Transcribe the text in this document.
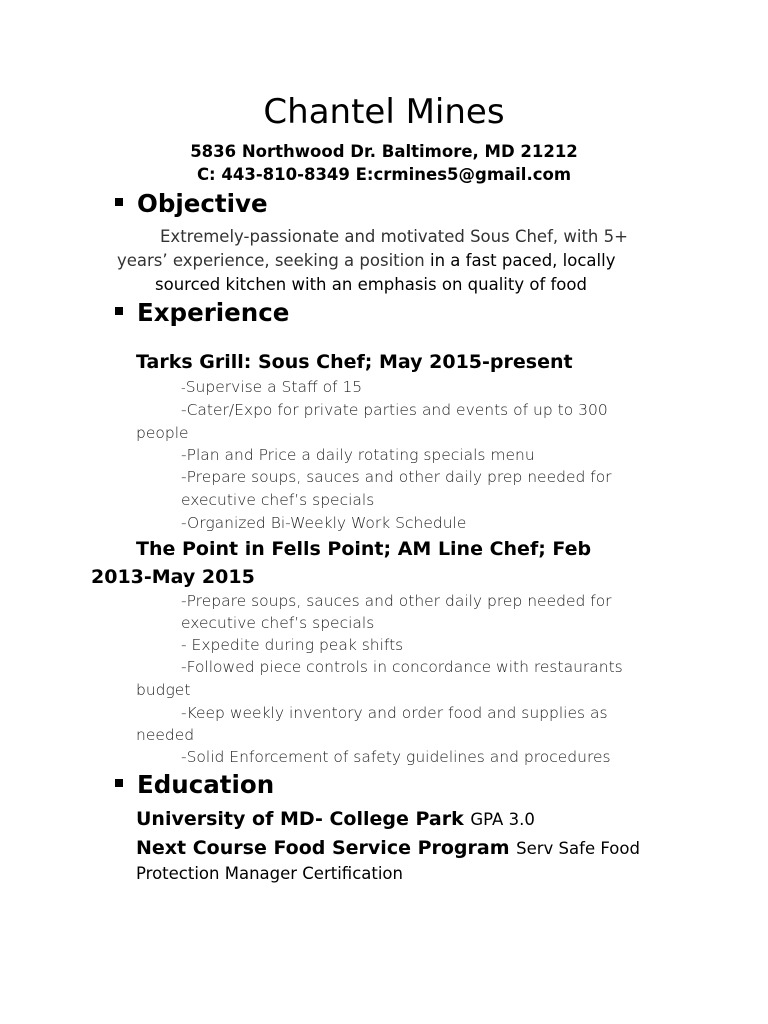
Chantel Mines
5836 Northwood Dr. Baltimore, MD 21212
C: 443-810-8349 E:crmines5@gmail.com
Objective
Extremely-passionate and motivated Sous Chef, with 5+
years’ experience, seeking a position in a fast paced, locally
sourced kitchen with an emphasis on quality of food
Experience
Tarks Grill: Sous Chef; May 2015-present
-Supervise a Staff of 15
-Cater/Expo for private parties and events of up to 300
people
-Plan and Price a daily rotating specials menu
-Prepare soups, sauces and other daily prep needed for
executive chef’s specials
-Organized Bi-Weekly Work Schedule
The Point in Fells Point; AM Line Chef; Feb
2013-May 2015
-Prepare soups, sauces and other daily prep needed for
executive chef’s specials
- Expedite during peak shifts
-Followed piece controls in concordance with restaurants
budget
-Keep weekly inventory and order food and supplies as
needed
-Solid Enforcement of safety guidelines and procedures
Education
University of MD- College Park GPA 3.0
Next Course Food Service Program Serv Safe Food
Protection Manager Certification
